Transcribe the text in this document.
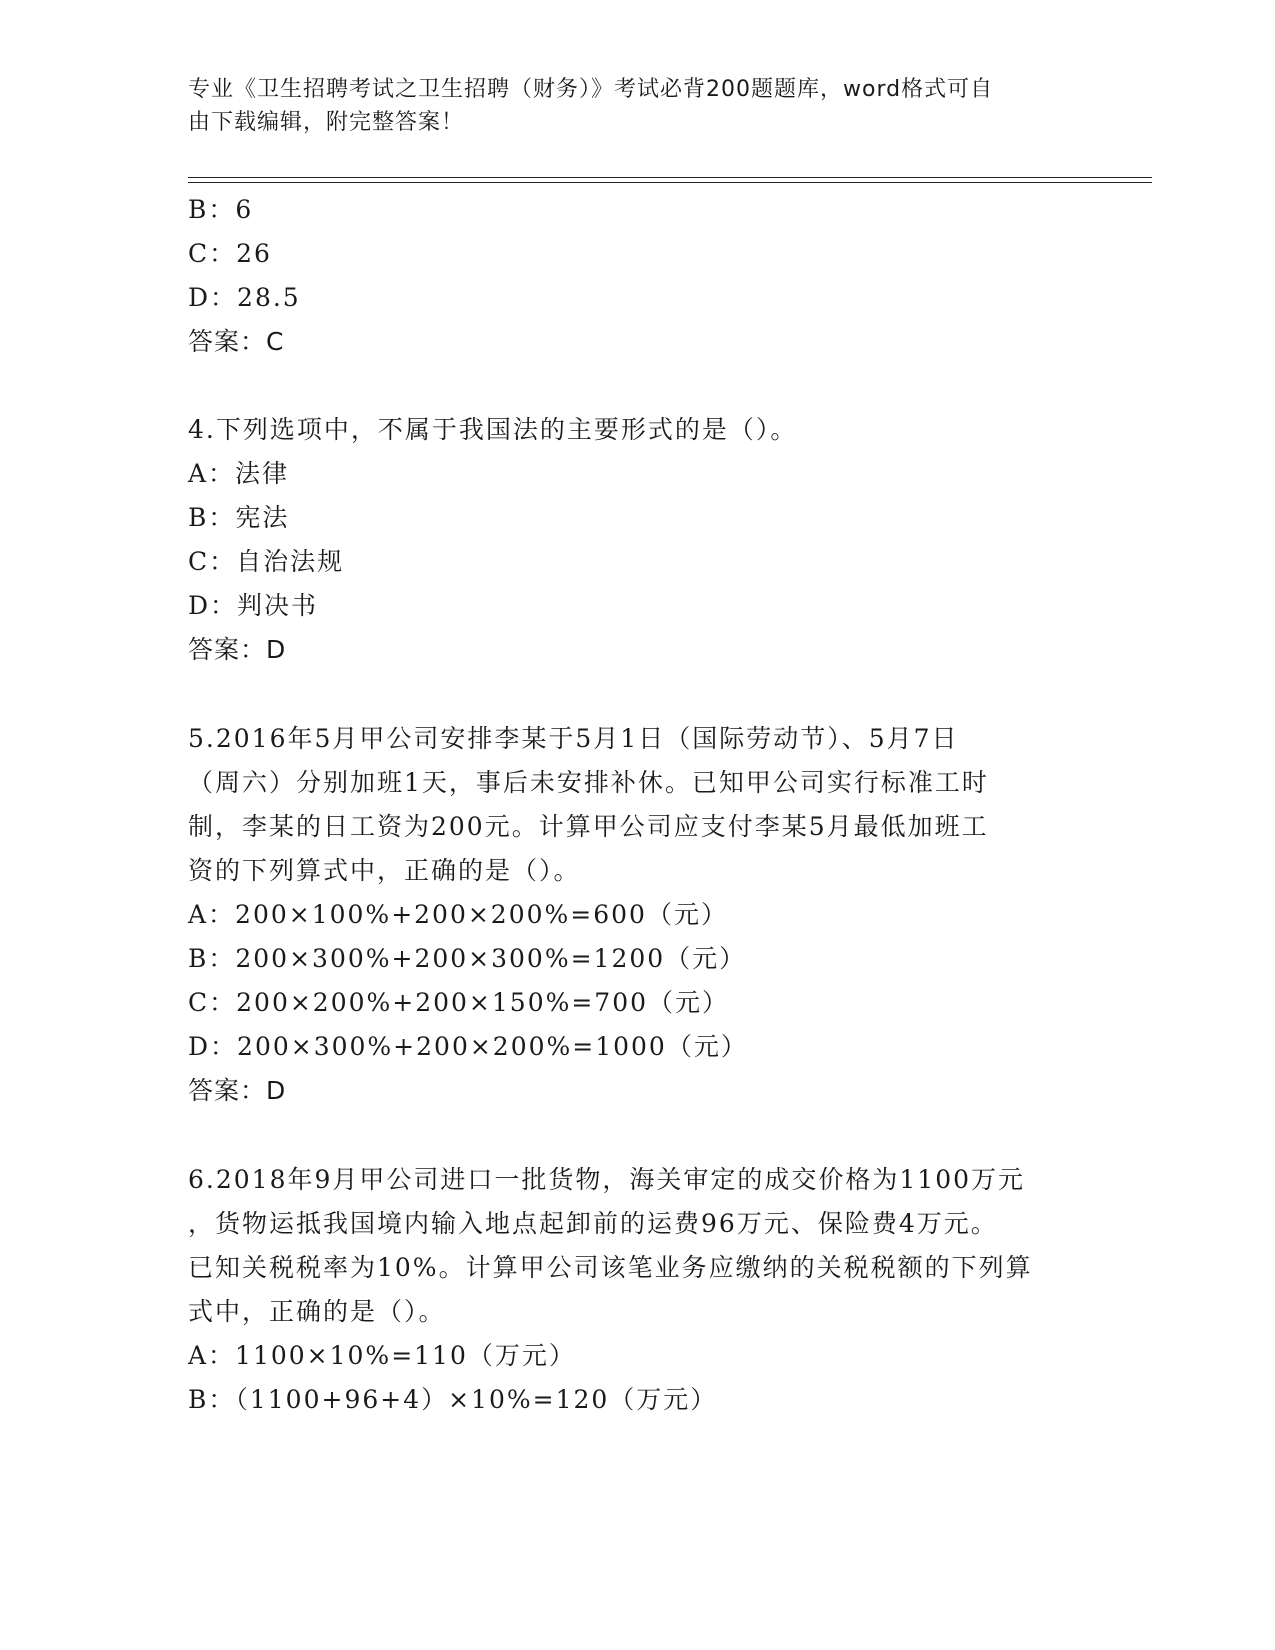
专业《卫生招聘考试之卫生招聘（财务）》考试必背200题题库，word格式可自
由下载编辑，附完整答案！
B：6
C：26
D：28.5
答案：C
4.下列选项中，不属于我国法的主要形式的是（）。
A：法律
B：宪法
C：自治法规
D：判决书
答案：D
5.2016年5月甲公司安排李某于5月1日（国际劳动节）、5月7日
（周六）分别加班1天，事后未安排补休。已知甲公司实行标准工时
制，李某的日工资为200元。计算甲公司应支付李某5月最低加班工
资的下列算式中，正确的是（）。
A：200×100%+200×200%=600（元）
B：200×300%+200×300%=1200（元）
C：200×200%+200×150%=700（元）
D：200×300%+200×200%=1000（元）
答案：D
6.2018年9月甲公司进口一批货物，海关审定的成交价格为1100万元
，货物运抵我国境内输入地点起卸前的运费96万元、保险费4万元。
已知关税税率为10%。计算甲公司该笔业务应缴纳的关税税额的下列算
式中，正确的是（）。
A：1100×10%=110（万元）
B：（1100+96+4）×10%=120（万元）
